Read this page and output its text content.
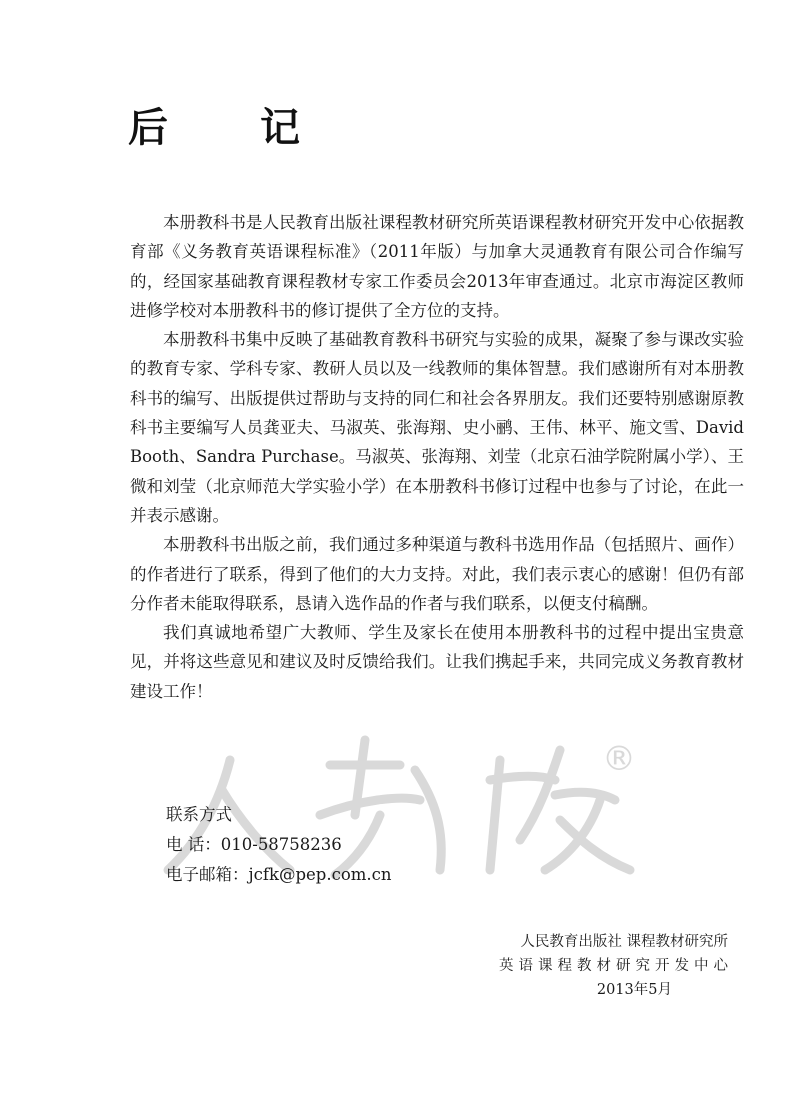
®
后　记

本册教科书是人民教育出版社课程教材研究所英语课程教材研究开发中心依据教育部《义务教育英语课程标准》（2011年版）与加拿大灵通教育有限公司合作编写的，经国家基础教育课程教材专家工作委员会2013年审查通过。北京市海淀区教师进修学校对本册教科书的修订提供了全方位的支持。

本册教科书集中反映了基础教育教科书研究与实验的成果，凝聚了参与课改实验的教育专家、学科专家、教研人员以及一线教师的集体智慧。我们感谢所有对本册教科书的编写、出版提供过帮助与支持的同仁和社会各界朋友。我们还要特别感谢原教科书主要编写人员龚亚夫、马淑英、张海翔、史小鹂、王伟、林平、施文雪、David Booth、Sandra Purchase。马淑英、张海翔、刘莹（北京石油学院附属小学）、王微和刘莹（北京师范大学实验小学）在本册教科书修订过程中也参与了讨论，在此一并表示感谢。

本册教科书出版之前，我们通过多种渠道与教科书选用作品（包括照片、画作）的作者进行了联系，得到了他们的大力支持。对此，我们表示衷心的感谢！但仍有部分作者未能取得联系，恳请入选作品的作者与我们联系，以便支付稿酬。

我们真诚地希望广大教师、学生及家长在使用本册教科书的过程中提出宝贵意见，并将这些意见和建议及时反馈给我们。让我们携起手来，共同完成义务教育教材建设工作！

联系方式
电 话：010-58758236
电子邮箱：jcfk@pep.com.cn
人民教育出版社 课程教材研究所
英语课程教材研究开发中心
2013年5月
